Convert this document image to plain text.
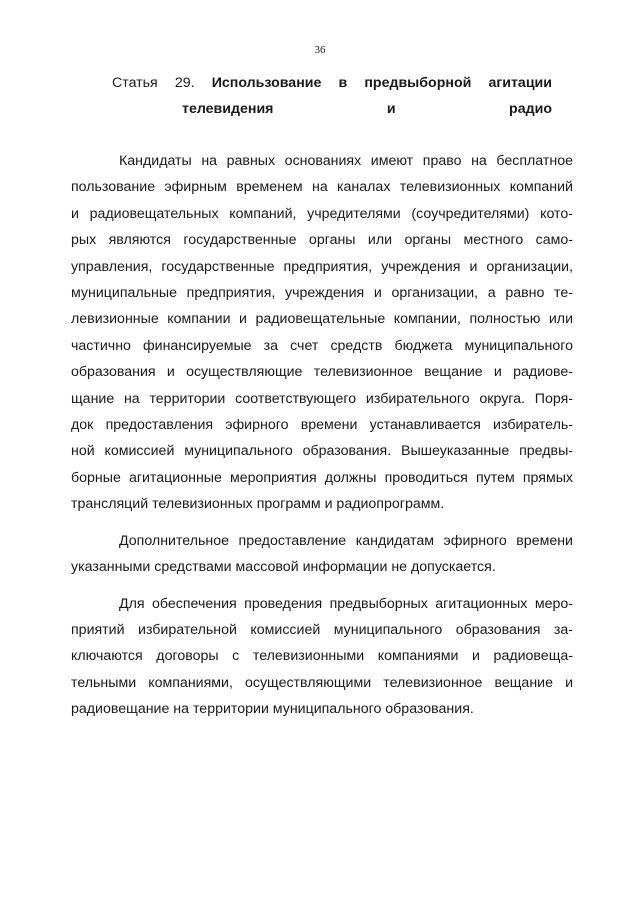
36
Статья 29. Использование в предвыборной агитации
телевидения и радио
Кандидаты на равных основаниях имеют право на бесплатное
пользование эфирным временем на каналах телевизионных компаний
и радиовещательных компаний, учредителями (соучредителями) кото-
рых являются государственные органы или органы местного само-
управления, государственные предприятия, учреждения и организации,
муниципальные предприятия, учреждения и организации, а равно те-
левизионные компании и радиовещательные компании, полностью или
частично финансируемые за счет средств бюджета муниципального
образования и осуществляющие телевизионное вещание и радиове-
щание на территории соответствующего избирательного округа. Поря-
док предоставления эфирного времени устанавливается избиратель-
ной комиссией муниципального образования. Вышеуказанные предвы-
борные агитационные мероприятия должны проводиться путем прямых
трансляций телевизионных программ и радиопрограмм.
Дополнительное предоставление кандидатам эфирного времени
указанными средствами массовой информации не допускается.
Для обеспечения проведения предвыборных агитационных меро-
приятий избирательной комиссией муниципального образования за-
ключаются договоры с телевизионными компаниями и радиовеща-
тельными компаниями, осуществляющими телевизионное вещание и
радиовещание на территории муниципального образования.
